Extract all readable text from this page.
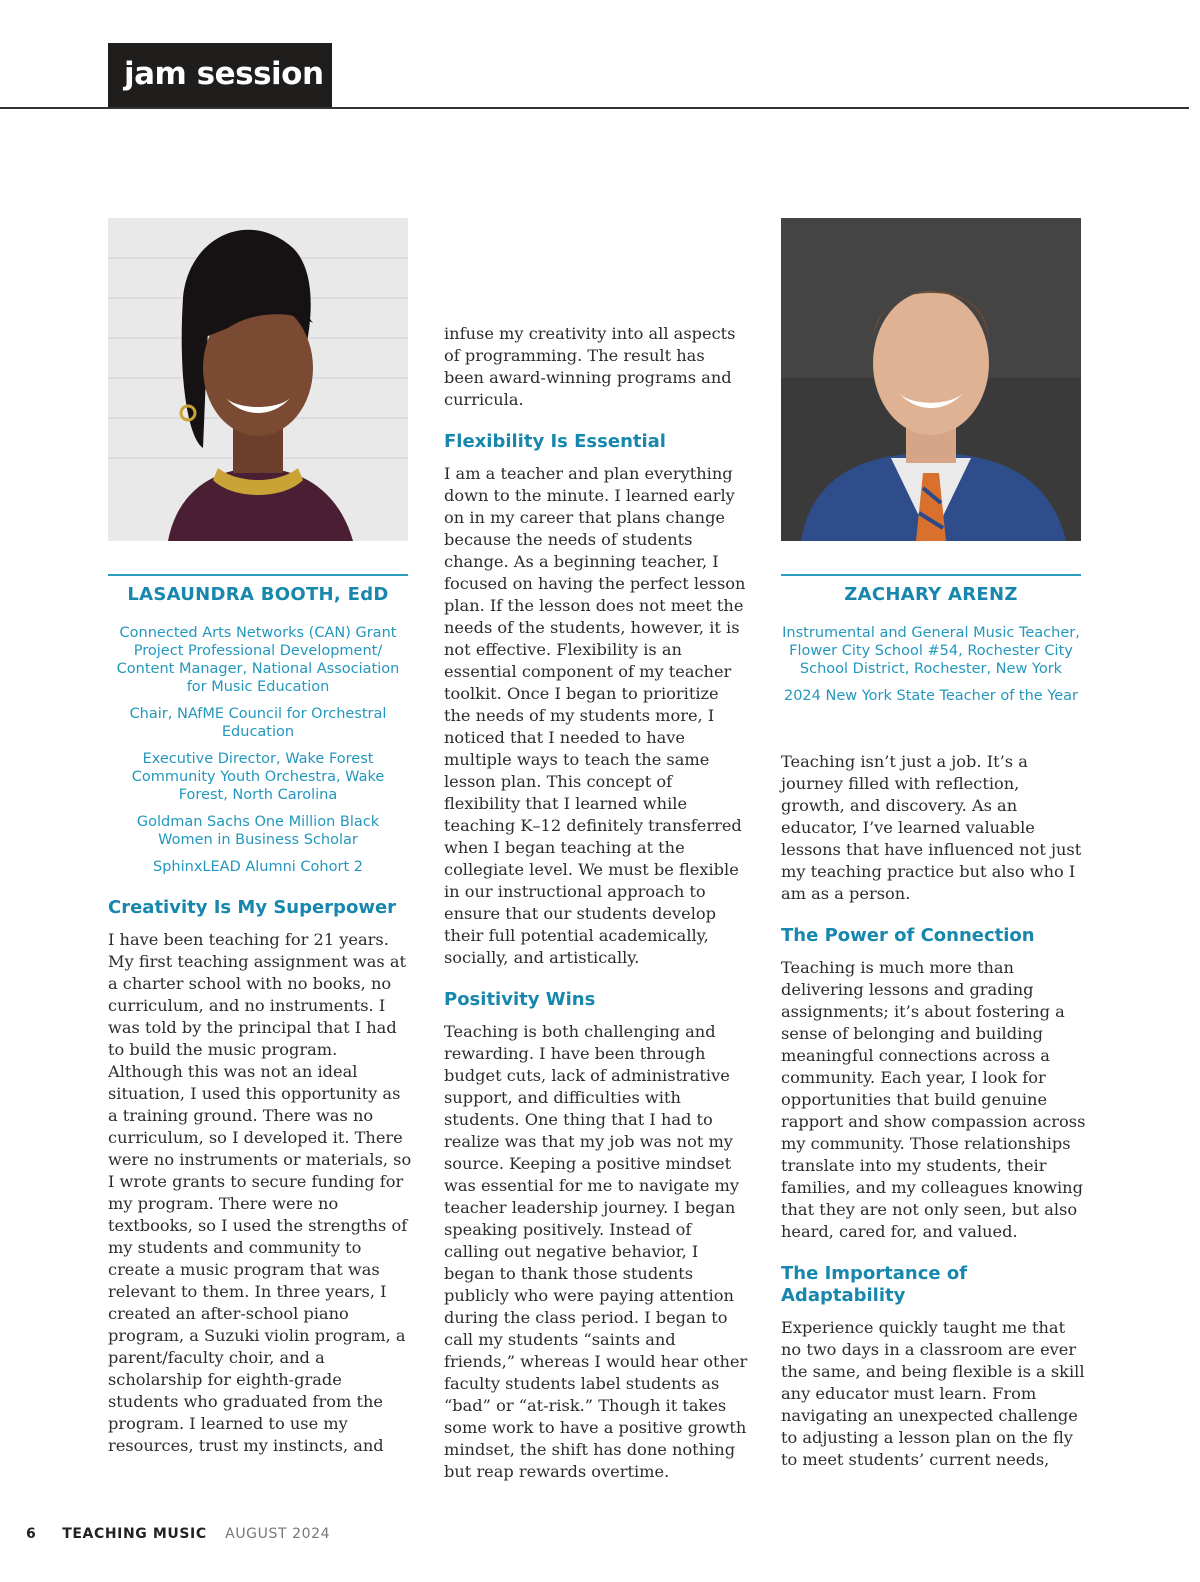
jam session
LASAUNDRA BOOTH, EdD

Connected Arts Networks (CAN) Grant Project Professional Development/ Content Manager, National Association for Music Education

Chair, NAfME Council for Orchestral Education

Executive Director, Wake Forest Community Youth Orchestra, Wake Forest, North Carolina

Goldman Sachs One Million Black Women in Business Scholar

SphinxLEAD Alumni Cohort 2

Creativity Is My Superpower

I have been teaching for 21 years. My first teaching assignment was at a charter school with no books, no curriculum, and no instruments. I was told by the principal that I had to build the music program. Although this was not an ideal situation, I used this opportunity as a training ground. There was no curriculum, so I developed it. There were no instruments or materials, so I wrote grants to secure funding for my program. There were no textbooks, so I used the strengths of my students and community to create a music program that was relevant to them. In three years, I created an after-school piano program, a Suzuki violin program, a parent/faculty choir, and a scholarship for eighth-grade students who graduated from the program. I learned to use my resources, trust my instincts, and

infuse my creativity into all aspects of programming. The result has been award-winning programs and curricula.

Flexibility Is Essential

I am a teacher and plan everything down to the minute. I learned early on in my career that plans change because the needs of students change. As a beginning teacher, I focused on having the perfect lesson plan. If the lesson does not meet the needs of the students, however, it is not effective. Flexibility is an essential component of my teacher toolkit. Once I began to prioritize the needs of my students more, I noticed that I needed to have multiple ways to teach the same lesson plan. This concept of flexibility that I learned while teaching K–12 definitely transferred when I began teaching at the collegiate level. We must be flexible in our instructional approach to ensure that our students develop their full potential academically, socially, and artistically.

Positivity Wins

Teaching is both challenging and rewarding. I have been through budget cuts, lack of administrative support, and difficulties with students. One thing that I had to realize was that my job was not my source. Keeping a positive mindset was essential for me to navigate my teacher leadership journey. I began speaking positively. Instead of calling out negative behavior, I began to thank those students publicly who were paying attention during the class period. I began to call my students “saints and friends,” whereas I would hear other faculty students label students as “bad” or “at-risk.” Though it takes some work to have a positive growth mindset, the shift has done nothing but reap rewards overtime.

ZACHARY ARENZ

Instrumental and General Music Teacher, Flower City School #54, Rochester City School District, Rochester, New York

2024 New York State Teacher of the Year

Teaching isn’t just a job. It’s a journey filled with reflection, growth, and discovery. As an educator, I’ve learned valuable lessons that have influenced not just my teaching practice but also who I am as a person.

The Power of Connection

Teaching is much more than delivering lessons and grading assignments; it’s about fostering a sense of belonging and building meaningful connections across a community. Each year, I look for opportunities that build genuine rapport and show compassion across my community. Those relationships translate into my students, their families, and my colleagues knowing that they are not only seen, but also heard, cared for, and valued.

The Importance of Adaptability

Experience quickly taught me that no two days in a classroom are ever the same, and being flexible is a skill any educator must learn. From navigating an unexpected challenge to adjusting a lesson plan on the fly to meet students’ current needs,

6 TEACHING MUSIC AUGUST 2024
